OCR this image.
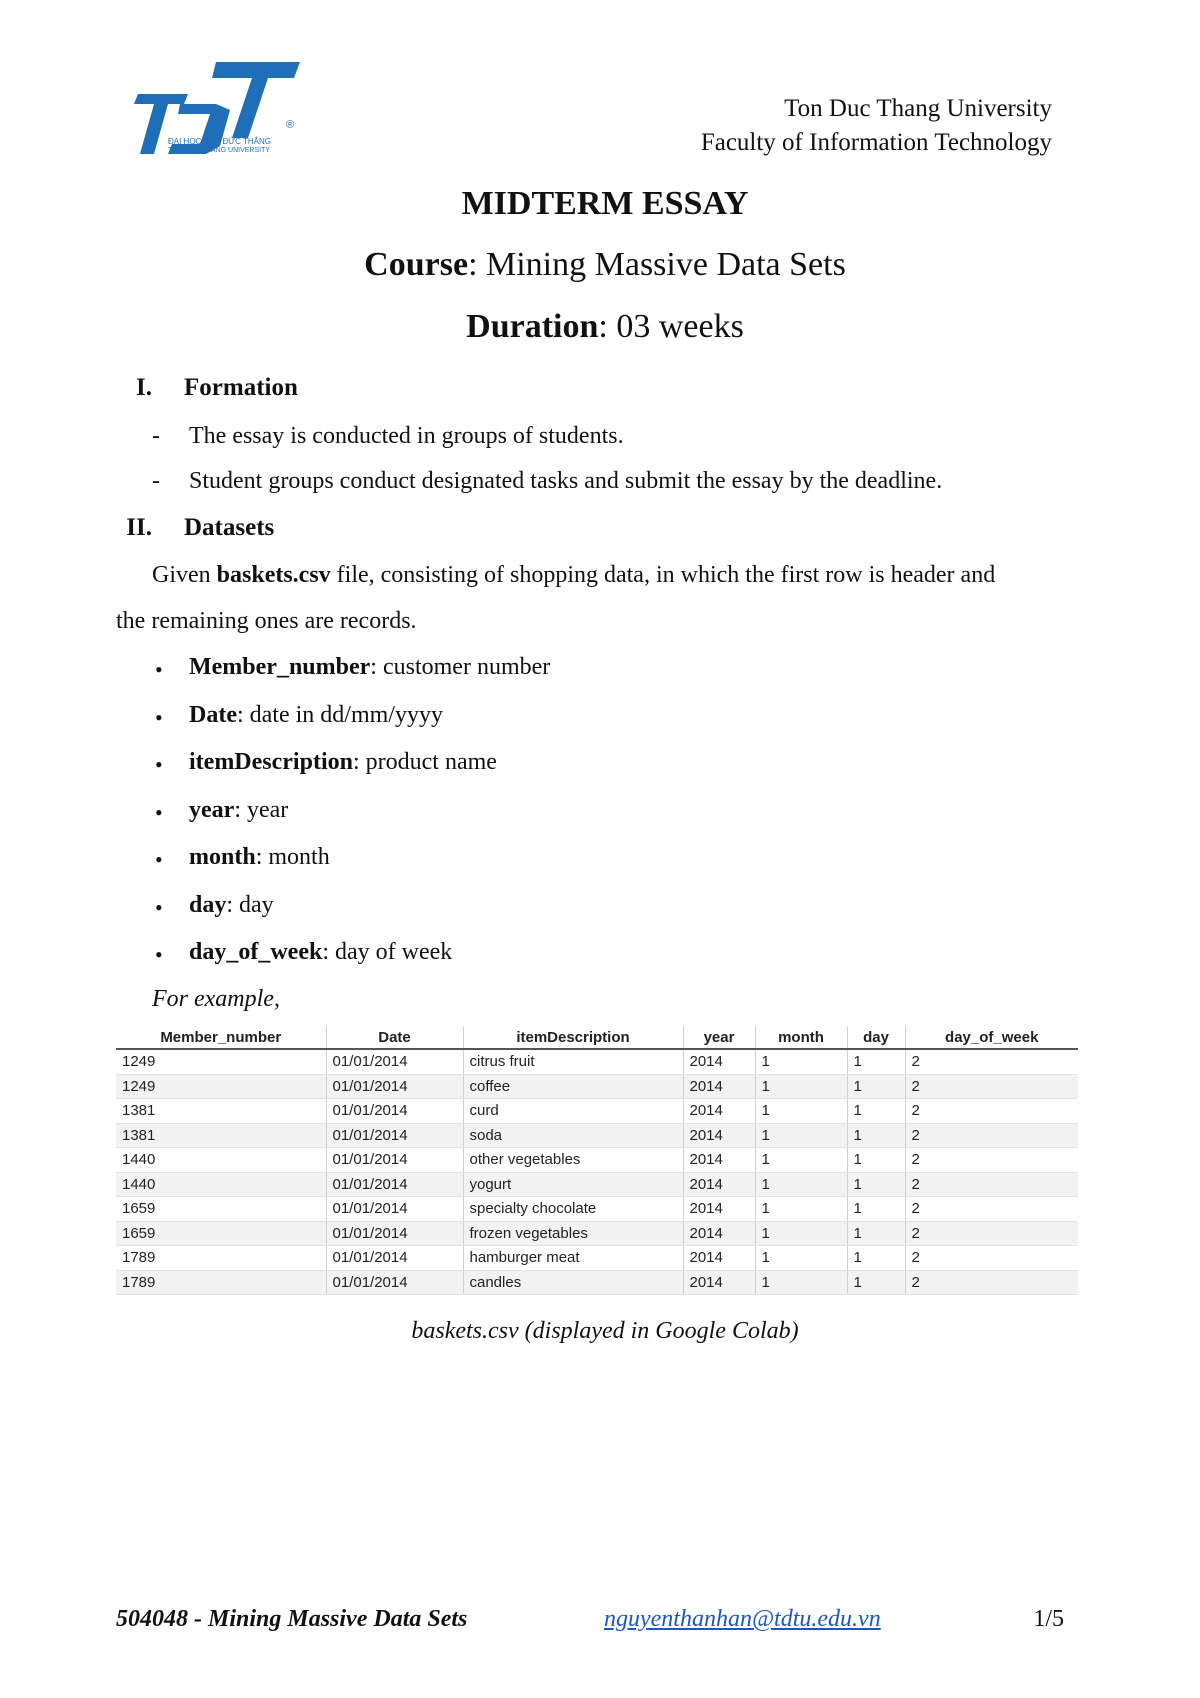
®
ĐẠI HỌC TÔN ĐỨC THẮNG
TON DUC THANG UNIVERSITY
TDT
Ton Duc Thang University
Faculty of Information Technology
MIDTERM ESSAY
Course: Mining Massive Data Sets
Duration: 03 weeks
I. Formation
- The essay is conducted in groups of students.
- Student groups conduct designated tasks and submit the essay by the deadline.
II. Datasets
Given baskets.csv file, consisting of shopping data, in which the first row is header and
the remaining ones are records.
• Member_number: customer number
• Date: date in dd/mm/yyyy
• itemDescription: product name
• year: year
• month: month
• day: day
• day_of_week: day of week
For example,
Member_number	Date	itemDescription	year	month	day	day_of_week
1249	01/01/2014	citrus fruit	2014	1	1	2
1249	01/01/2014	coffee	2014	1	1	2
1381	01/01/2014	curd	2014	1	1	2
1381	01/01/2014	soda	2014	1	1	2
1440	01/01/2014	other vegetables	2014	1	1	2
1440	01/01/2014	yogurt	2014	1	1	2
1659	01/01/2014	specialty chocolate	2014	1	1	2
1659	01/01/2014	frozen vegetables	2014	1	1	2
1789	01/01/2014	hamburger meat	2014	1	1	2
1789	01/01/2014	candles	2014	1	1	2
baskets.csv (displayed in Google Colab)
504048 - Mining Massive Data Sets	nguyenthanhan@tdtu.edu.vn	1/5
